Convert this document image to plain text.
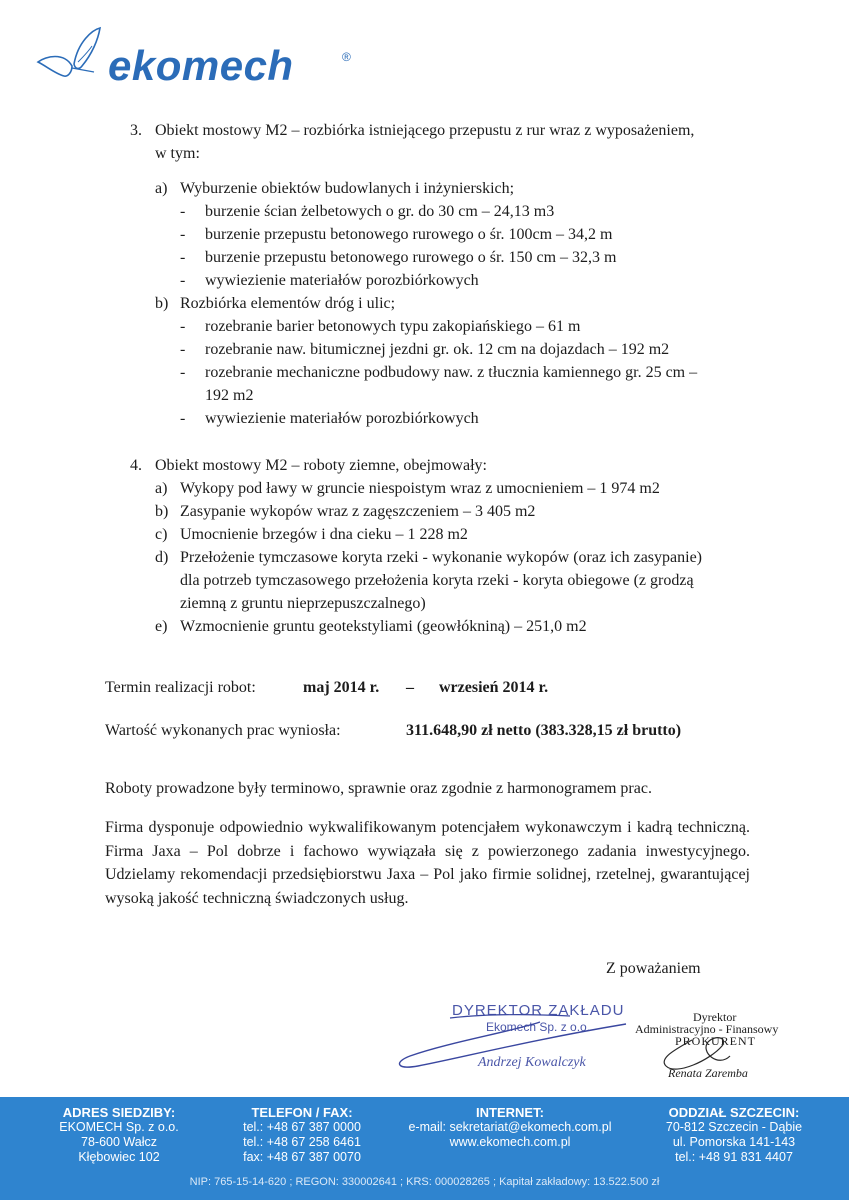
ekomech	®
3. Obiekt mostowy M2 – rozbiórka istniejącego przepustu z rur wraz z wyposażeniem,
w tym:
a) Wyburzenie obiektów budowlanych i inżynierskich;
- burzenie ścian żelbetowych o gr. do 30 cm – 24,13 m3
- burzenie przepustu betonowego rurowego o śr. 100cm – 34,2 m
- burzenie przepustu betonowego rurowego o śr. 150 cm – 32,3 m
- wywiezienie materiałów porozbiórkowych
b) Rozbiórka elementów dróg i ulic;
- rozebranie barier betonowych typu zakopiańskiego – 61 m
- rozebranie naw. bitumicznej jezdni gr. ok. 12 cm na dojazdach – 192 m2
- rozebranie mechaniczne podbudowy naw. z tłucznia kamiennego gr. 25 cm –
192 m2
- wywiezienie materiałów porozbiórkowych
4. Obiekt mostowy M2 – roboty ziemne, obejmowały:
a) Wykopy pod ławy w gruncie niespoistym wraz z umocnieniem – 1 974 m2
b) Zasypanie wykopów wraz z zagęszczeniem – 3 405 m2
c) Umocnienie brzegów i dna cieku – 1 228 m2
d) Przełożenie tymczasowe koryta rzeki - wykonanie wykopów (oraz ich zasypanie)
dla potrzeb tymczasowego przełożenia koryta rzeki - koryta obiegowe (z grodzą
ziemną z gruntu nieprzepuszczalnego)
e) Wzmocnienie gruntu geotekstyliami (geowłókniną) – 251,0 m2
Termin realizacji robot:	maj 2014 r. – wrzesień 2014 r.
Wartość wykonanych prac wyniosła:	311.648,90 zł netto (383.328,15 zł brutto)
Roboty prowadzone były terminowo, sprawnie oraz zgodnie z harmonogramem prac.
Firma dysponuje odpowiednio wykwalifikowanym potencjałem wykonawczym i kadrą techniczną. Firma Jaxa – Pol dobrze i fachowo wywiązała się z powierzonego zadania inwestycyjnego. Udzielamy rekomendacji przedsiębiorstwu Jaxa – Pol jako firmie solidnej, rzetelnej, gwarantującej wysoką jakość techniczną świadczonych usług.
Z poważaniem
DYREKTOR ZAKŁADU
Ekomech Sp. z o.o.
Andrzej Kowalczyk
Dyrektor
Administracyjno - Finansowy
PROKURENT
Renata Zaremba
ADRES SIEDZIBY:
EKOMECH Sp. z o.o.
78-600 Wałcz
Kłębowiec 102
TELEFON / FAX:
tel.: +48 67 387 0000
tel.: +48 67 258 6461
fax: +48 67 387 0070
INTERNET:
e-mail: sekretariat@ekomech.com.pl
www.ekomech.com.pl
ODDZIAŁ SZCZECIN:
70-812 Szczecin - Dąbie
ul. Pomorska 141-143
tel.: +48 91 831 4407
NIP: 765-15-14-620 ; REGON: 330002641 ; KRS: 000028265 ; Kapitał zakładowy: 13.522.500 zł
